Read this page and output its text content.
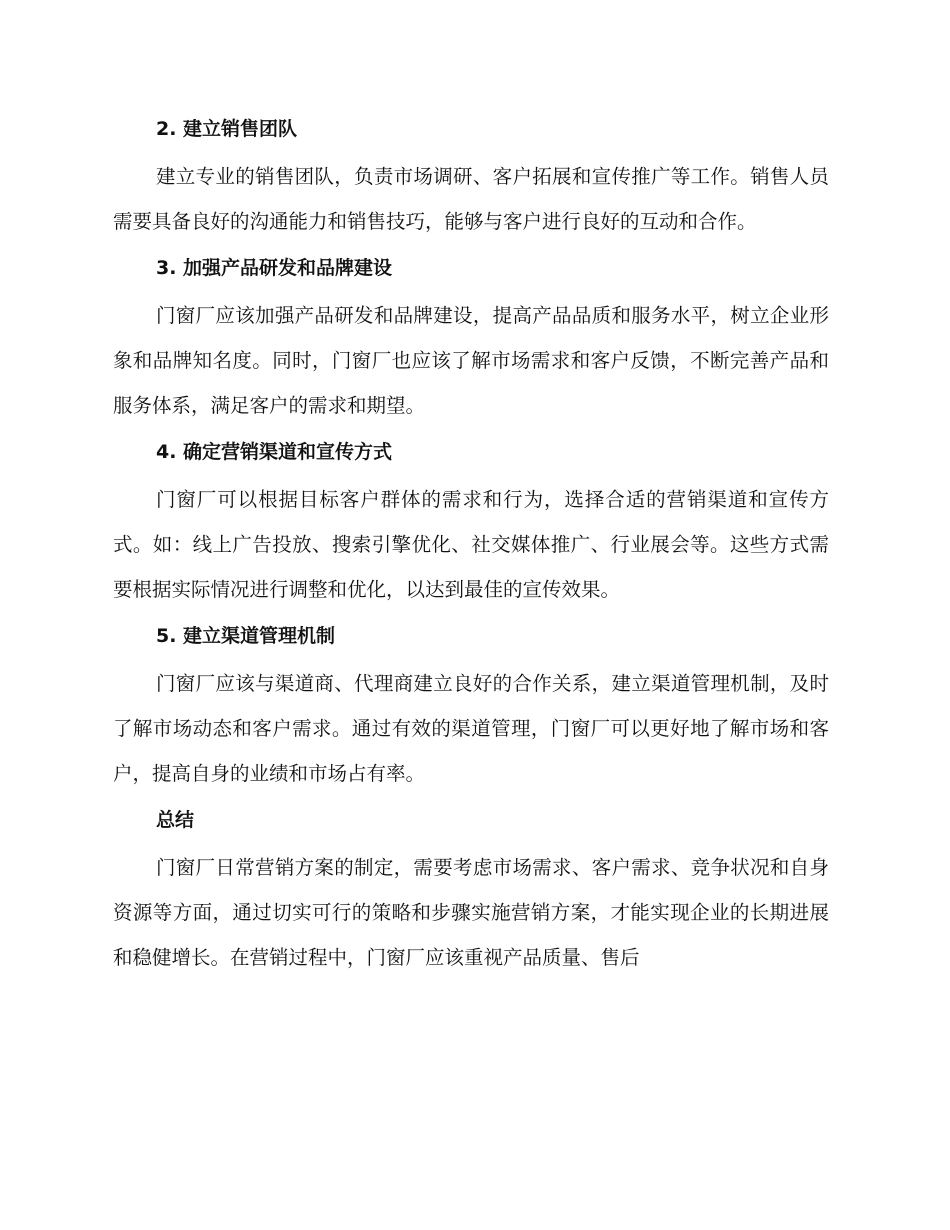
2. 建立销售团队

建立专业的销售团队，负责市场调研、客户拓展和宣传推广等工作。销售人员需要具备良好的沟通能力和销售技巧，能够与客户进行良好的互动和合作。

3. 加强产品研发和品牌建设

门窗厂应该加强产品研发和品牌建设，提高产品品质和服务水平，树立企业形象和品牌知名度。同时，门窗厂也应该了解市场需求和客户反馈，不断完善产品和服务体系，满足客户的需求和期望。

4. 确定营销渠道和宣传方式

门窗厂可以根据目标客户群体的需求和行为，选择合适的营销渠道和宣传方式。如：线上广告投放、搜索引擎优化、社交媒体推广、行业展会等。这些方式需要根据实际情况进行调整和优化，以达到最佳的宣传效果。

5. 建立渠道管理机制

门窗厂应该与渠道商、代理商建立良好的合作关系，建立渠道管理机制，及时了解市场动态和客户需求。通过有效的渠道管理，门窗厂可以更好地了解市场和客户，提高自身的业绩和市场占有率。

总结

门窗厂日常营销方案的制定，需要考虑市场需求、客户需求、竞争状况和自身资源等方面，通过切实可行的策略和步骤实施营销方案，才能实现企业的长期进展和稳健增长。在营销过程中，门窗厂应该重视产品质量、售后
